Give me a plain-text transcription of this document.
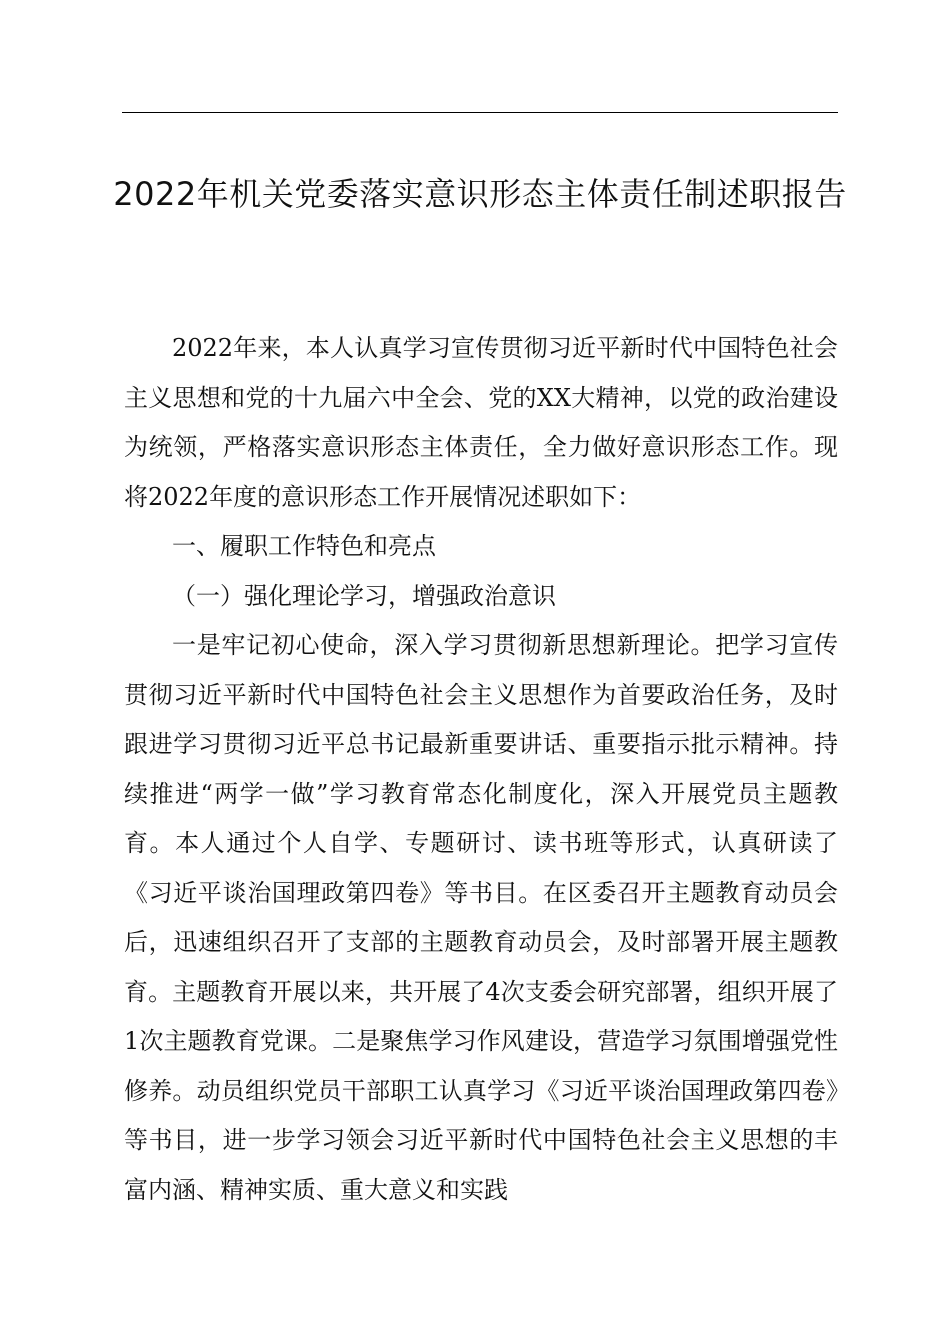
2022年机关党委落实意识形态主体责任制述职报告

2022年来，本人认真学习宣传贯彻习近平新时代中国特色社会主义思想和党的十九届六中全会、党的XX大精神，以党的政治建设为统领，严格落实意识形态主体责任，全力做好意识形态工作。现将2022年度的意识形态工作开展情况述职如下：

一、履职工作特色和亮点

（一）强化理论学习，增强政治意识

一是牢记初心使命，深入学习贯彻新思想新理论。把学习宣传贯彻习近平新时代中国特色社会主义思想作为首要政治任务，及时跟进学习贯彻习近平总书记最新重要讲话、重要指示批示精神。持续推进“两学一做”学习教育常态化制度化，深入开展党员主题教育。本人通过个人自学、专题研讨、读书班等形式，认真研读了《习近平谈治国理政第四卷》等书目。在区委召开主题教育动员会后，迅速组织召开了支部的主题教育动员会，及时部署开展主题教育。主题教育开展以来，共开展了4次支委会研究部署，组织开展了1次主题教育党课。二是聚焦学习作风建设，营造学习氛围增强党性修养。动员组织党员干部职工认真学习《习近平谈治国理政第四卷》等书目，进一步学习领会习近平新时代中国特色社会主义思想的丰富内涵、精神实质、重大意义和实践
